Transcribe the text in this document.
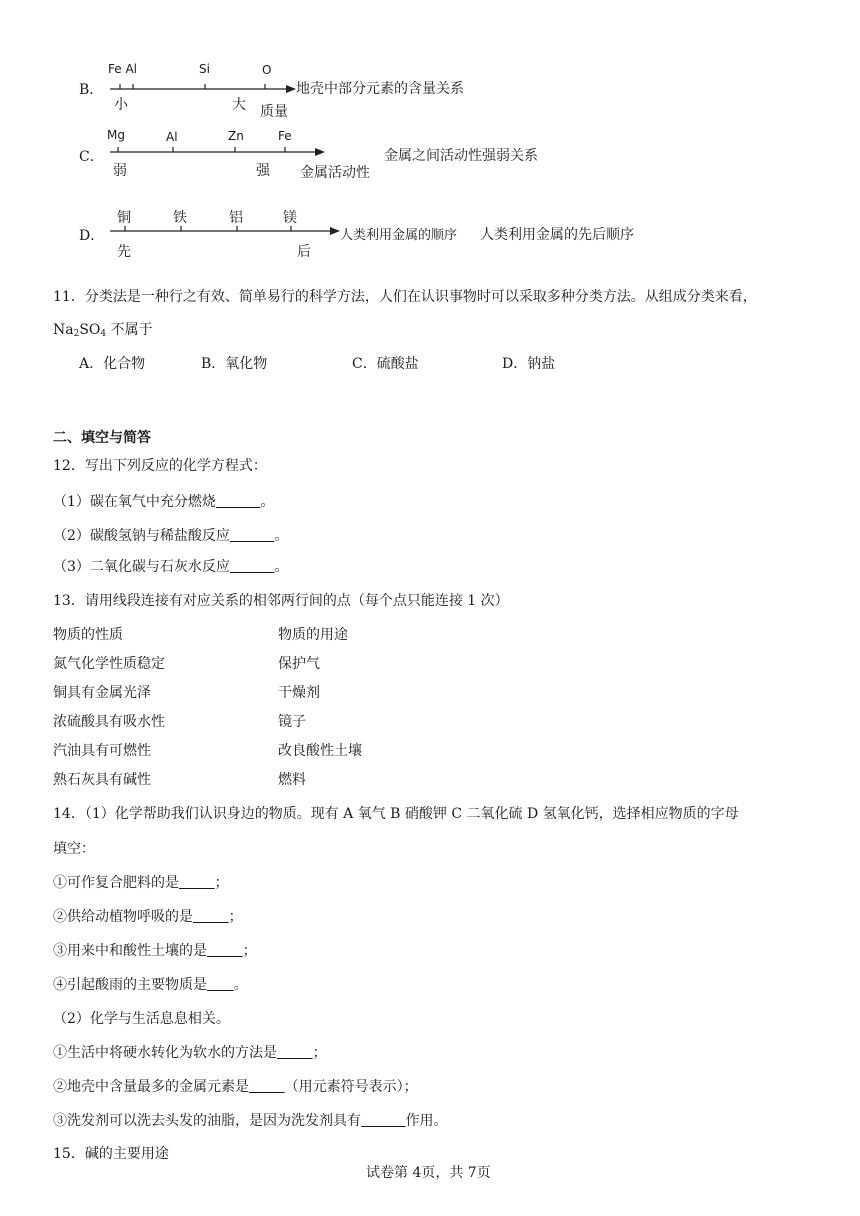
B．
Fe Al	Si	O
小	大 质量
地壳中部分元素的含量关系
C．
Mg	Al	Zn	Fe
弱	强 金属活动性
金属之间活动性强弱关系
D．
铜	铁	铝	镁
先	后
人类利用金属的顺序 人类利用金属的先后顺序
11．分类法是一种行之有效、简单易行的科学方法，人们在认识事物时可以采取多种分类方法。从组成分类来看，
$Na_2SO_4$ 不属于
A．化合物	B．氧化物	C．硫酸盐	D．钠盐
二、填空与简答
12．写出下列反应的化学方程式：
（1）碳在氧气中充分燃烧	。
（2）碳酸氢钠与稀盐酸反应	。
（3）二氧化碳与石灰水反应	。
13．请用线段连接有对应关系的相邻两行间的点（每个点只能连接 1 次）
物质的性质	物质的用途
氮气化学性质稳定	保护气
铜具有金属光泽	干燥剂
浓硫酸具有吸水性	镜子
汽油具有可燃性	改良酸性土壤
熟石灰具有碱性	燃料
14．（1）化学帮助我们认识身边的物质。现有 A 氧气 B 硝酸钾 C 二氧化硫 D 氢氧化钙，选择相应物质的字母
填空：
①可作复合肥料的是	；
②供给动植物呼吸的是	；
③用来中和酸性土壤的是	；
④引起酸雨的主要物质是 。
（2）化学与生活息息相关。
①生活中将硬水转化为软水的方法是	；
②地壳中含量最多的金属元素是	（用元素符号表示）；
③洗发剂可以洗去头发的油脂，是因为洗发剂具有	作用。
15．碱的主要用途
试卷第 4页，共 7页
